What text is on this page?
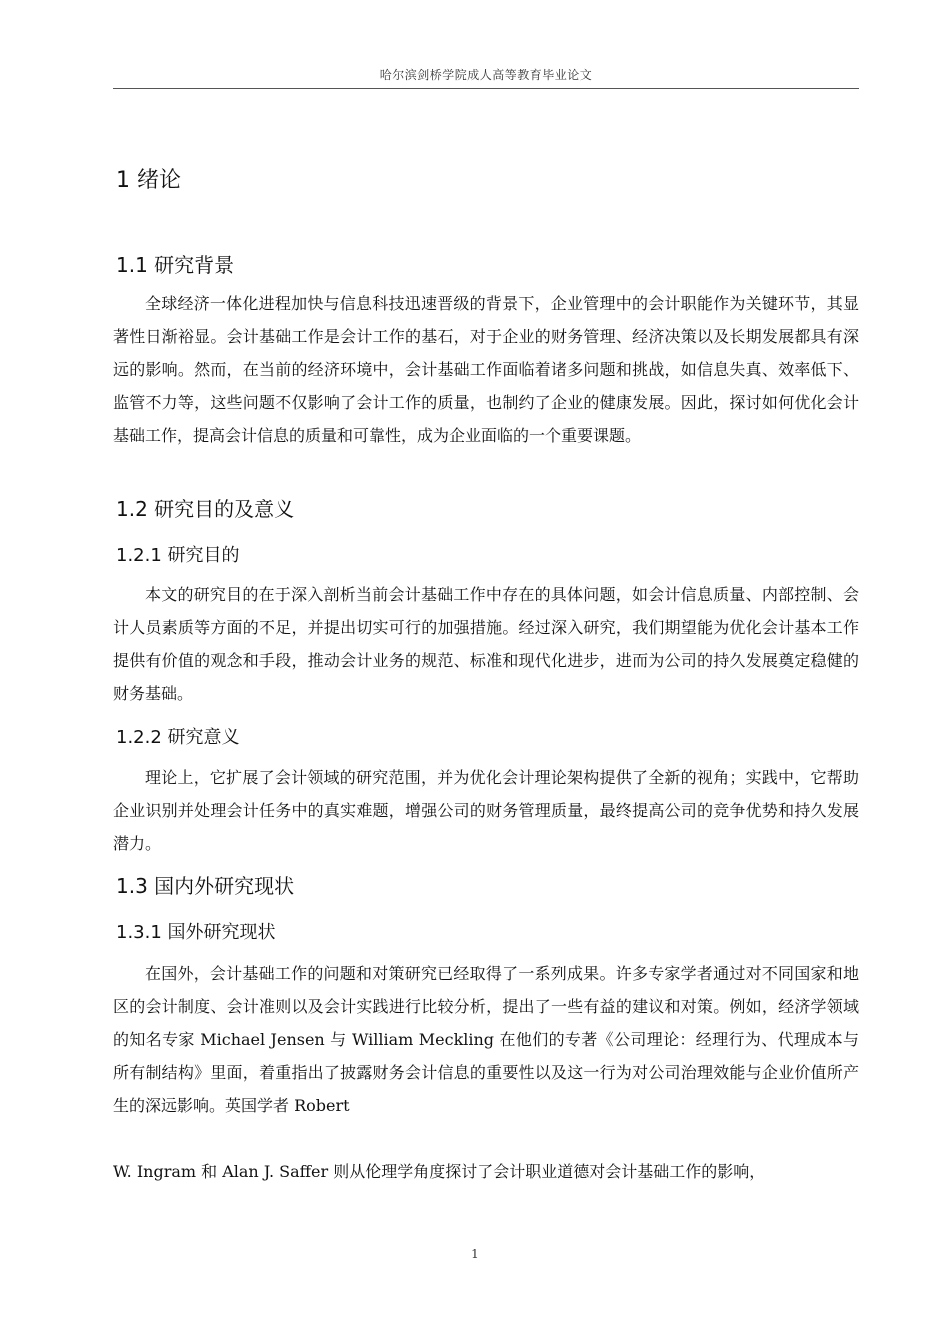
哈尔滨剑桥学院成人高等教育毕业论文
1 绪论
1.1 研究背景

全球经济一体化进程加快与信息科技迅速晋级的背景下，企业管理中的会计职能作为关键环节，其显著性日渐裕显。会计基础工作是会计工作的基石，对于企业的财务管理、经济决策以及长期发展都具有深远的影响。然而，在当前的经济环境中，会计基础工作面临着诸多问题和挑战，如信息失真、效率低下、监管不力等，这些问题不仅影响了会计工作的质量，也制约了企业的健康发展。因此，探讨如何优化会计基础工作，提高会计信息的质量和可靠性，成为企业面临的一个重要课题。

1.2 研究目的及意义
1.2.1 研究目的

本文的研究目的在于深入剖析当前会计基础工作中存在的具体问题，如会计信息质量、内部控制、会计人员素质等方面的不足，并提出切实可行的加强措施。经过深入研究，我们期望能为优化会计基本工作提供有价值的观念和手段，推动会计业务的规范、标准和现代化进步，进而为公司的持久发展奠定稳健的财务基础。

1.2.2 研究意义

理论上，它扩展了会计领域的研究范围，并为优化会计理论架构提供了全新的视角；实践中，它帮助企业识别并处理会计任务中的真实难题，增强公司的财务管理质量，最终提高公司的竞争优势和持久发展潜力。

1.3 国内外研究现状
1.3.1 国外研究现状

在国外，会计基础工作的问题和对策研究已经取得了一系列成果。许多专家学者通过对不同国家和地区的会计制度、会计准则以及会计实践进行比较分析，提出了一些有益的建议和对策。例如，经济学领域的知名专家 Michael Jensen 与 William Meckling 在他们的专著《公司理论：经理行为、代理成本与所有制结构》里面，着重指出了披露财务会计信息的重要性以及这一行为对公司治理效能与企业价值所产生的深远影响。英国学者 Robert

W. Ingram 和 Alan J. Saffer 则从伦理学角度探讨了会计职业道德对会计基础工作的影响，

1
